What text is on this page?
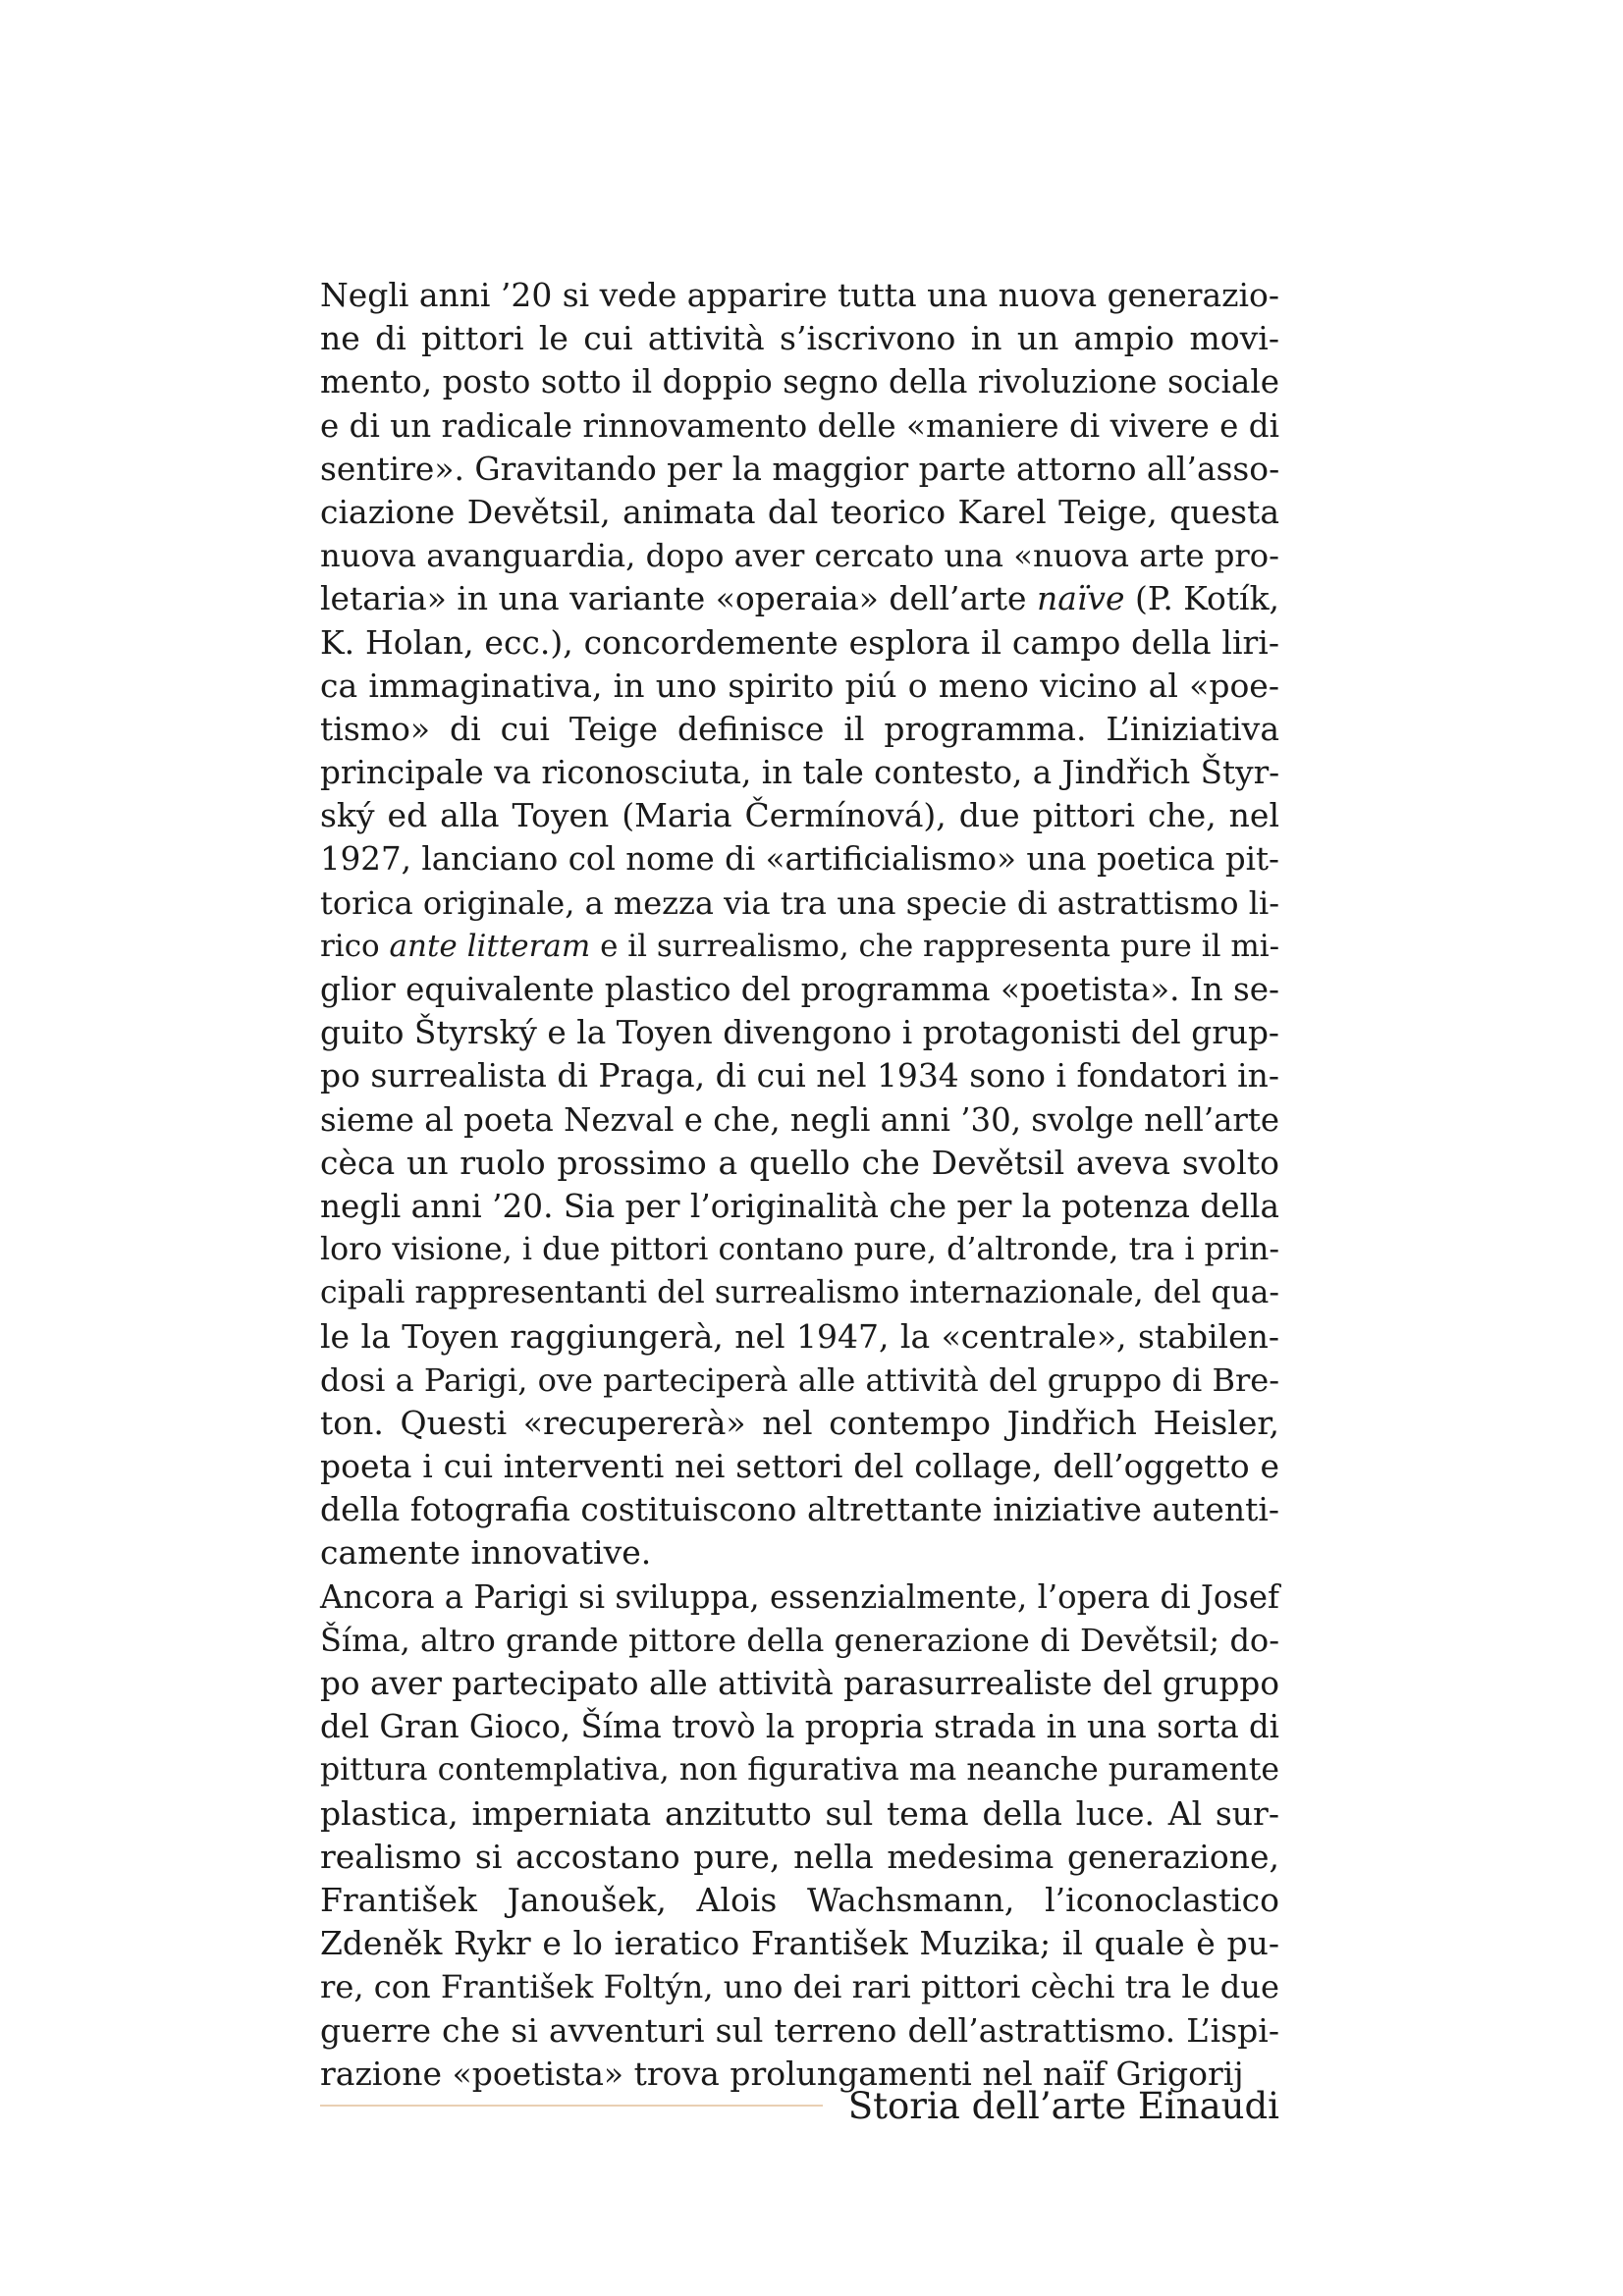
Negli anni ’20 si vede apparire tutta una nuova generazio-
ne di pittori le cui attività s’iscrivono in un ampio movi-
mento, posto sotto il doppio segno della rivoluzione sociale
e di un radicale rinnovamento delle «maniere di vivere e di
sentire». Gravitando per la maggior parte attorno all’asso-
ciazione Devětsil, animata dal teorico Karel Teige, questa
nuova avanguardia, dopo aver cercato una «nuova arte pro-
letaria» in una variante «operaia» dell’arte naïve (P. Kotík,
K. Holan, ecc.), concordemente esplora il campo della liri-
ca immaginativa, in uno spirito piú o meno vicino al «poe-
tismo» di cui Teige definisce il programma. L’iniziativa
principale va riconosciuta, in tale contesto, a Jindřich Štyr-
ský ed alla Toyen (Maria Čermínová), due pittori che, nel
1927, lanciano col nome di «artificialismo» una poetica pit-
torica originale, a mezza via tra una specie di astrattismo li-
rico ante litteram e il surrealismo, che rappresenta pure il mi-
glior equivalente plastico del programma «poetista». In se-
guito Štyrský e la Toyen divengono i protagonisti del grup-
po surrealista di Praga, di cui nel 1934 sono i fondatori in-
sieme al poeta Nezval e che, negli anni ’30, svolge nell’arte
cèca un ruolo prossimo a quello che Devětsil aveva svolto
negli anni ’20. Sia per l’originalità che per la potenza della
loro visione, i due pittori contano pure, d’altronde, tra i prin-
cipali rappresentanti del surrealismo internazionale, del qua-
le la Toyen raggiungerà, nel 1947, la «centrale», stabilen-
dosi a Parigi, ove parteciperà alle attività del gruppo di Bre-
ton. Questi «recupererà» nel contempo Jindřich Heisler,
poeta i cui interventi nei settori del collage, dell’oggetto e
della fotografia costituiscono altrettante iniziative autenti-
camente innovative.
Ancora a Parigi si sviluppa, essenzialmente, l’opera di Josef
Šíma, altro grande pittore della generazione di Devětsil; do-
po aver partecipato alle attività parasurrealiste del gruppo
del Gran Gioco, Šíma trovò la propria strada in una sorta di
pittura contemplativa, non figurativa ma neanche puramente
plastica, imperniata anzitutto sul tema della luce. Al sur-
realismo si accostano pure, nella medesima generazione,
František Janoušek, Alois Wachsmann, l’iconoclastico
Zdeněk Rykr e lo ieratico František Muzika; il quale è pu-
re, con František Foltýn, uno dei rari pittori cèchi tra le due
guerre che si avventuri sul terreno dell’astrattismo. L’ispi-
razione «poetista» trova prolungamenti nel naïf Grigorij
Storia dell’arte Einaudi
